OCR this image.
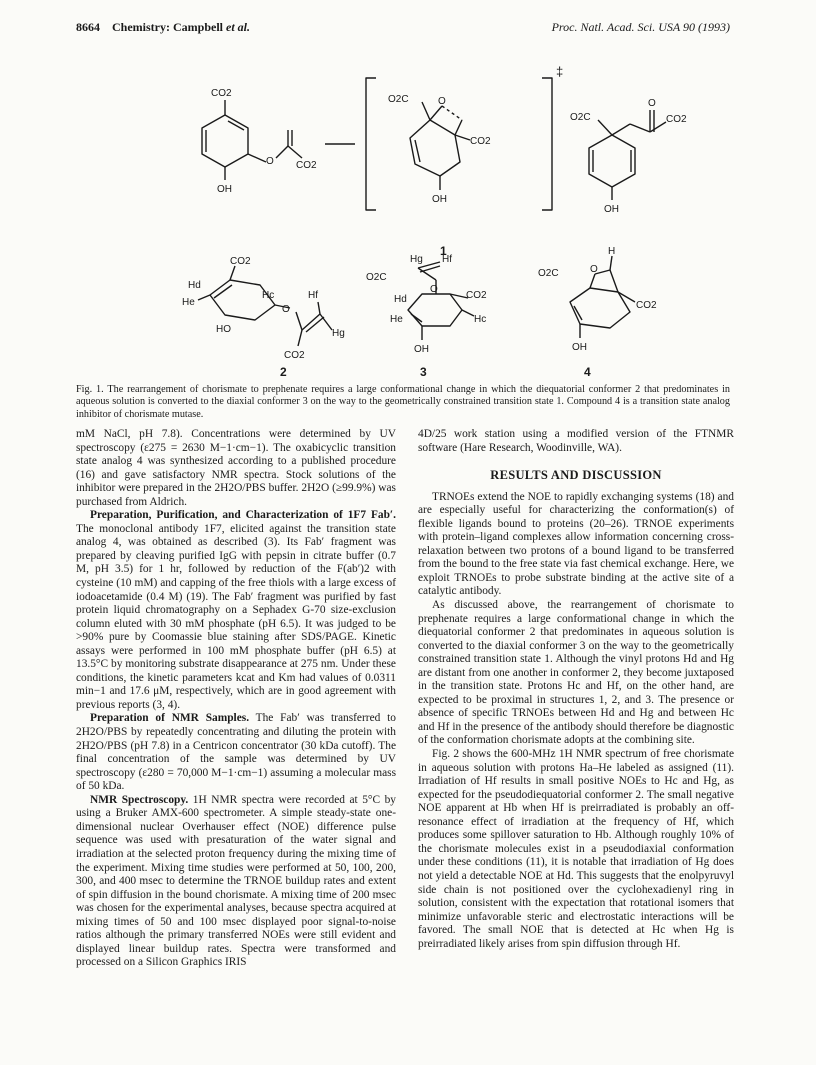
8664 Chemistry: Campbell et al.	Proc. Natl. Acad. Sci. USA 90 (1993)
CO2
OH
O CO2
O2C	O
CO2
OH
‡
1
O2C
O
CO2
OH
Hd
CO2
Hc
He
HO
O
Hf
Hg
CO2
2
Hg Hf
O2C
O
CO2
Hd
He	Hc
OH
3
H
O2C	O
CO2
OH
4
Fig. 1. The rearrangement of chorismate to prephenate requires a large conformational change in which the diequatorial conformer 2 that predominates in aqueous solution is converted to the diaxial conformer 3 on the way to the geometrically constrained transition state 1. Compound 4 is a transition state analog inhibitor of chorismate mutase.

mM NaCl, pH 7.8). Concentrations were determined by UV spectroscopy (ε275 = 2630 M−1·cm−1). The oxabicyclic transition state analog 4 was synthesized according to a published procedure (16) and gave satisfactory NMR spectra. Stock solutions of the inhibitor were prepared in the 2H2O/PBS buffer. 2H2O (≥99.9%) was purchased from Aldrich.

Preparation, Purification, and Characterization of 1F7 Fab′. The monoclonal antibody 1F7, elicited against the transition state analog 4, was obtained as described (3). Its Fab′ fragment was prepared by cleaving purified IgG with pepsin in citrate buffer (0.7 M, pH 3.5) for 1 hr, followed by reduction of the F(ab′)2 with cysteine (10 mM) and capping of the free thiols with a large excess of iodoacetamide (0.4 M) (19). The Fab′ fragment was purified by fast protein liquid chromatography on a Sephadex G-70 size-exclusion column eluted with 30 mM phosphate (pH 6.5). It was judged to be >90% pure by Coomassie blue staining after SDS/PAGE. Kinetic assays were performed in 100 mM phosphate buffer (pH 6.5) at 13.5°C by monitoring substrate disappearance at 275 nm. Under these conditions, the kinetic parameters kcat and Km had values of 0.0311 min−1 and 17.6 μM, respectively, which are in good agreement with previous reports (3, 4).

Preparation of NMR Samples. The Fab′ was transferred to 2H2O/PBS by repeatedly concentrating and diluting the protein with 2H2O/PBS (pH 7.8) in a Centricon concentrator (30 kDa cutoff). The final concentration of the sample was determined by UV spectroscopy (ε280 = 70,000 M−1·cm−1) assuming a molecular mass of 50 kDa.

NMR Spectroscopy. 1H NMR spectra were recorded at 5°C by using a Bruker AMX-600 spectrometer. A simple steady-state one-dimensional nuclear Overhauser effect (NOE) difference pulse sequence was used with presaturation of the water signal and irradiation at the selected proton frequency during the mixing time of the experiment. Mixing time studies were performed at 50, 100, 200, 300, and 400 msec to determine the TRNOE buildup rates and extent of spin diffusion in the bound chorismate. A mixing time of 200 msec was chosen for the experimental analyses, because spectra acquired at mixing times of 50 and 100 msec displayed poor signal-to-noise ratios although the primary transferred NOEs were still evident and displayed linear buildup rates. Spectra were transformed and processed on a Silicon Graphics IRIS

4D/25 work station using a modified version of the FTNMR software (Hare Research, Woodinville, WA).

RESULTS AND DISCUSSION

TRNOEs extend the NOE to rapidly exchanging systems (18) and are especially useful for characterizing the conformation(s) of flexible ligands bound to proteins (20–26). TRNOE experiments with protein–ligand complexes allow information concerning cross-relaxation between two protons of a bound ligand to be transferred from the bound to the free state via fast chemical exchange. Here, we exploit TRNOEs to probe substrate binding at the active site of a catalytic antibody.

As discussed above, the rearrangement of chorismate to prephenate requires a large conformational change in which the diequatorial conformer 2 that predominates in aqueous solution is converted to the diaxial conformer 3 on the way to the geometrically constrained transition state 1. Although the vinyl protons Hd and Hg are distant from one another in conformer 2, they become juxtaposed in the transition state. Protons Hc and Hf, on the other hand, are expected to be proximal in structures 1, 2, and 3. The presence or absence of specific TRNOEs between Hd and Hg and between Hc and Hf in the presence of the antibody should therefore be diagnostic of the conformation chorismate adopts at the combining site.

Fig. 2 shows the 600-MHz 1H NMR spectrum of free chorismate in aqueous solution with protons Ha–He labeled as assigned (11). Irradiation of Hf results in small positive NOEs to Hc and Hg, as expected for the pseudodiequatorial conformer 2. The small negative NOE apparent at Hb when Hf is preirradiated is probably an off-resonance effect of irradiation at the frequency of Hf, which produces some spillover saturation to Hb. Although roughly 10% of the chorismate molecules exist in a pseudodiaxial conformation under these conditions (11), it is notable that irradiation of Hg does not yield a detectable NOE at Hd. This suggests that the enolpyruvyl side chain is not positioned over the cyclohexadienyl ring in solution, consistent with the expectation that rotational isomers that minimize unfavorable steric and electrostatic interactions will be favored. The small NOE that is detected at Hc when Hg is preirradiated likely arises from spin diffusion through Hf.
